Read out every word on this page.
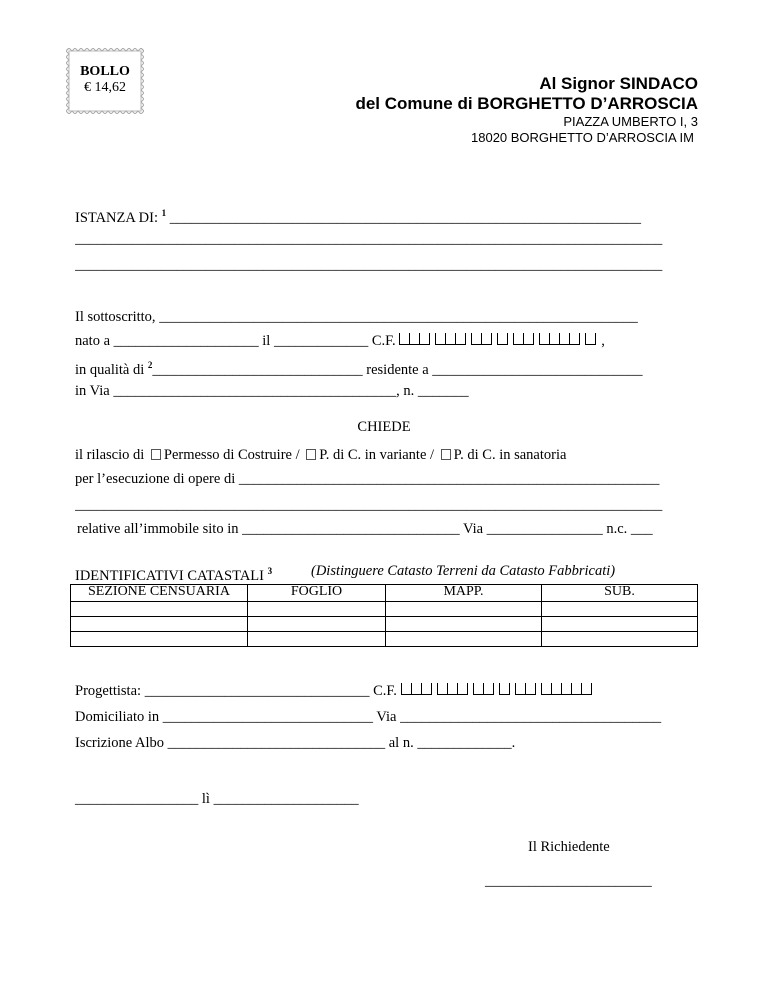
BOLLO
€ 14,62	Al Signor SINDACO
del Comune di BORGHETTO D’ARROSCIA
PIAZZA UMBERTO I, 3
18020 BORGHETTO D’ARROSCIA IM
ISTANZA DI: $^1$ _________________________________________________________________
_________________________________________________________________________________
_________________________________________________________________________________
Il sottoscritto, __________________________________________________________________
nato a ____________________ il _____________ C.F.	,
in qualità di $^2$_____________________________ residente a _____________________________
in Via _______________________________________, n. _______
CHIEDE
il rilascio di Permesso di Costruire / P. di C. in variante / P. di C. in sanatoria
per l’esecuzione di opere di __________________________________________________________
_________________________________________________________________________________
relative all’immobile sito in ______________________________ Via ________________ n.c. ___
IDENTIFICATIVI CATASTALI $^3$	(Distinguere Catasto Terreni da Catasto Fabbricati)
SEZIONE CENSUARIA	FOGLIO	MAPP.	SUB.

Progettista: _______________________________ C.F.
Domiciliato in _____________________________ Via ____________________________________
Iscrizione Albo ______________________________ al n. _____________.
_________________ lì ____________________
Il Richiedente
_______________________
